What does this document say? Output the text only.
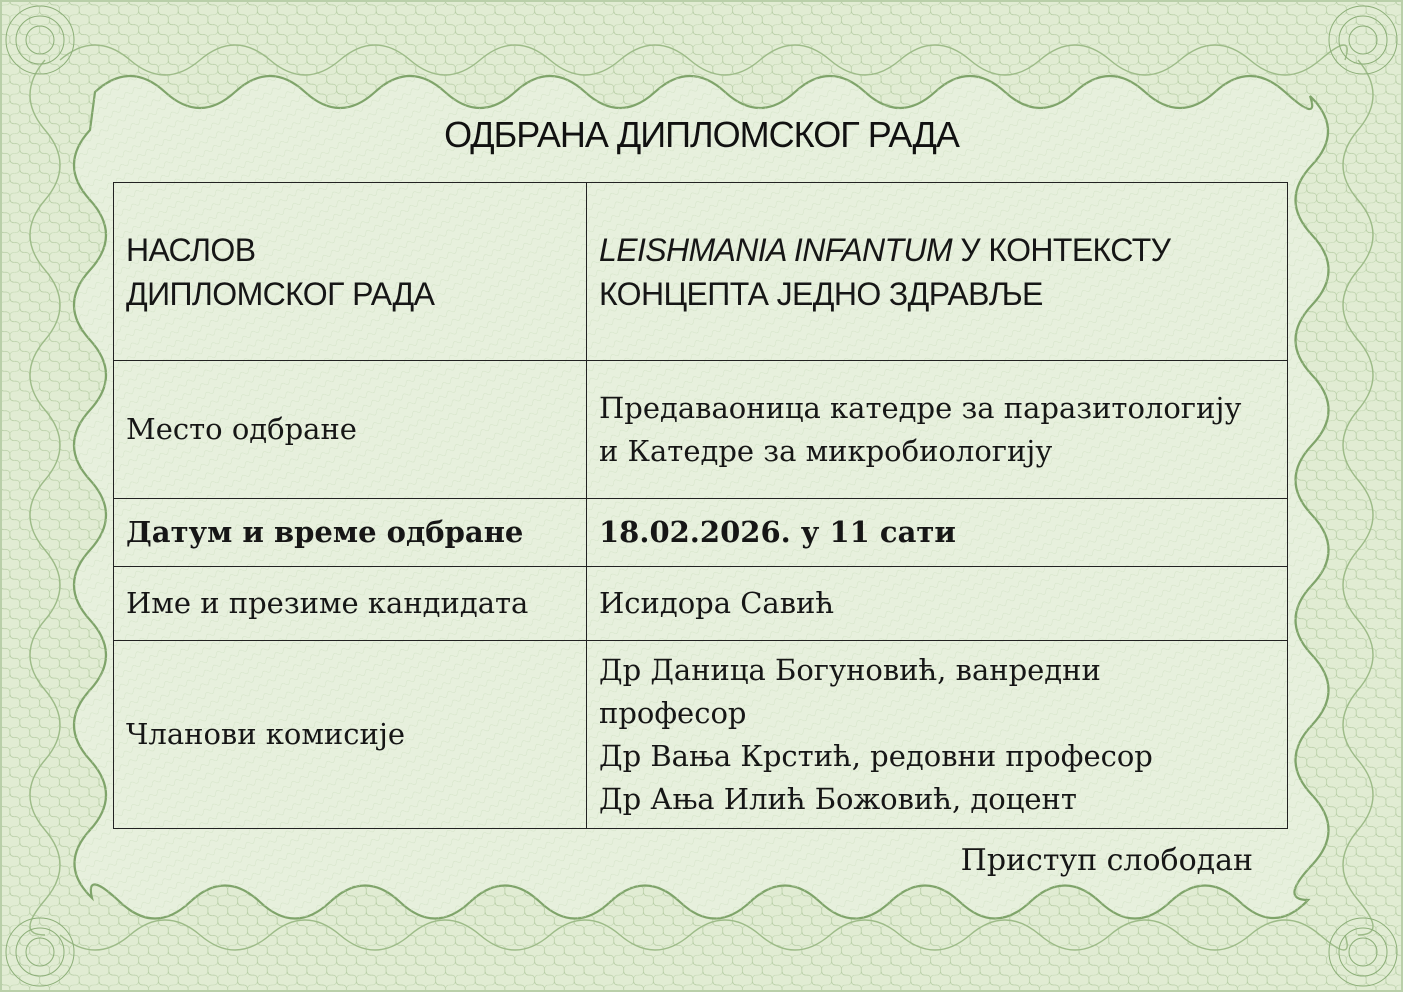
ОДБРАНА ДИПЛОМСКОГ РАДА
НАСЛОВ
ДИПЛОМСКОГ РАДА	LEISHMANIA INFANTUM У КОНТЕКСТУ
КОНЦЕПТА ЈЕДНО ЗДРАВЉЕ

Место одбране	Предаваоница катедре за паразитологију
и Катедре за микробиологију

Датум и време одбране	18.02.2026. у 11 сати
Име и презиме кандидата	Исидора Савић
Чланови комисије	Др Даница Богуновић, ванредни
професор
Др Вања Крстић, редовни професор
Др Ања Илић Божовић, доцент
Приступ слободан
